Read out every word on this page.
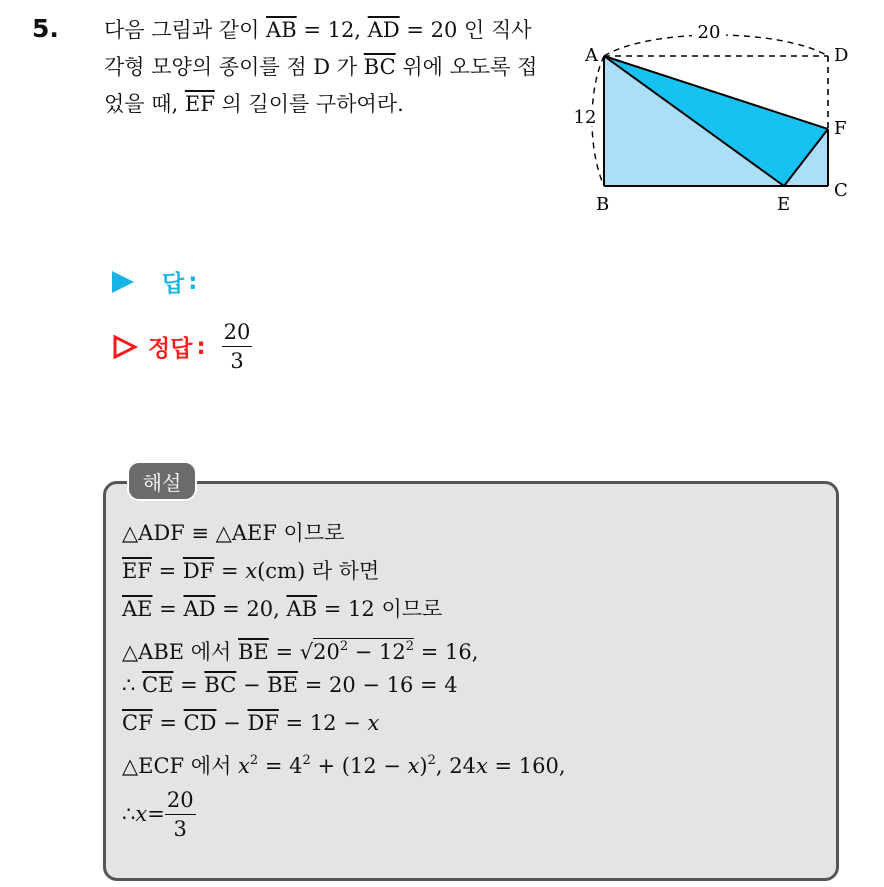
5. 다음 그림과 같이 $\overline{AB} = 12$, $\overline{AD} = 20$ 인 직사각형 모양의 종이를 점 D 가 $\overline{BC}$ 위에 오도록 접었을 때, $\overline{EF}$ 의 길이를 구하여라.

20
12
A	D
F
B	E
C
답 :
정답 : $\frac{20}{3}$
해설
△ADF ≡ △AEF 이므로
$\overline{EF} = \overline{DF} = x(cm)$ 라 하면
$\overline{AE} = \overline{AD} = 20$, $\overline{AB} = 12$ 이므로
△ABE 에서 $\overline{BE} = √20^2 - 12^2 = 16$,
∴ $\overline{CE} = \overline{BC} - \overline{BE} = 20 - 16 = 4$
$\overline{CF} = \overline{CD} - \overline{DF} = 12 - x$
△ECF 에서 $x^2 = 4^2 + (12 - x)^2$, 24x = 160,
∴ $x = \frac{20}{3}$
